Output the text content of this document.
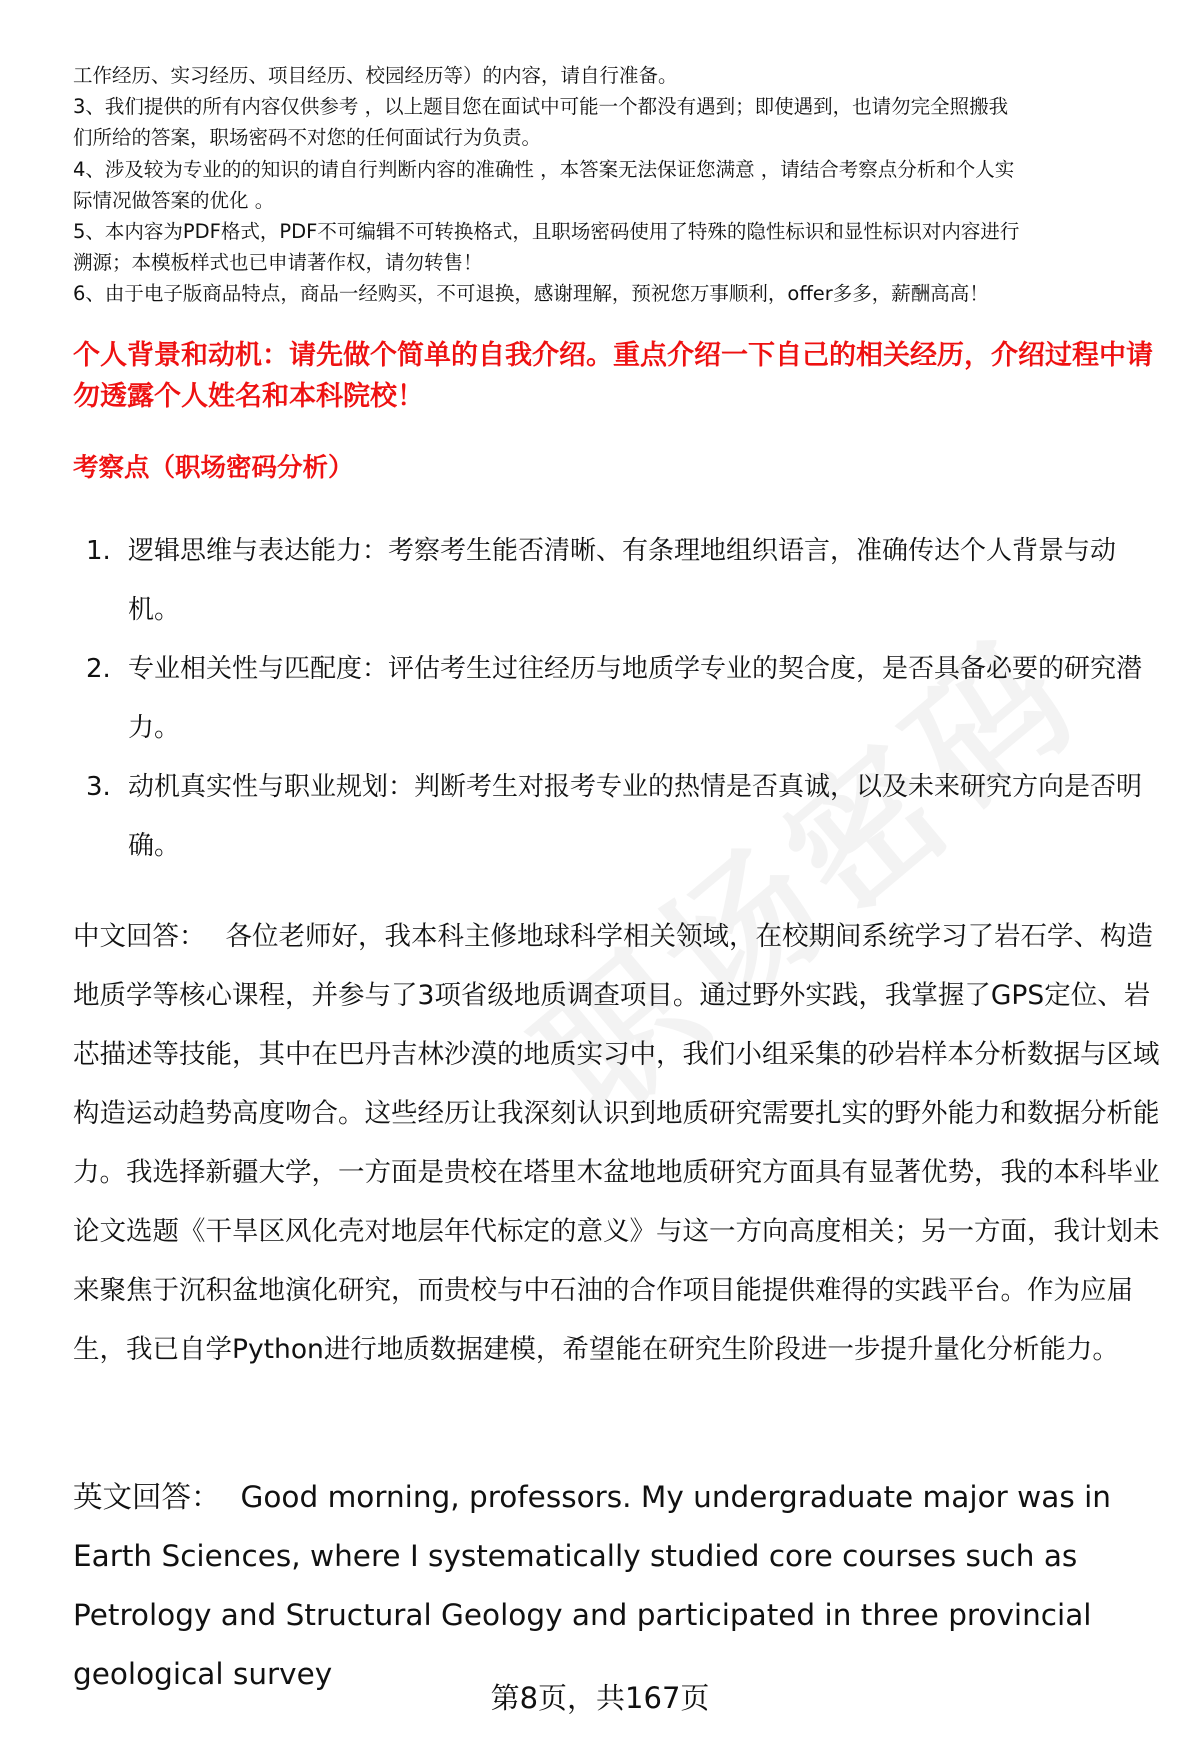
工作经历、实习经历、项目经历、校园经历等）的内容，请自行准备。

3、我们提供的所有内容仅供参考 ，以上题目您在面试中可能一个都没有遇到；即使遇到，也请勿完全照搬我

们所给的答案，职场密码不对您的任何面试行为负责。

4、涉及较为专业的的知识的请自行判断内容的准确性 ，本答案无法保证您满意 ，请结合考察点分析和个人实

际情况做答案的优化 。

5、本内容为PDF格式，PDF不可编辑不可转换格式，且职场密码使用了特殊的隐性标识和显性标识对内容进行

溯源；本模板样式也已申请著作权，请勿转售！

6、由于电子版商品特点，商品一经购买，不可退换，感谢理解，预祝您万事顺利，offer多多，薪酬高高！

个人背景和动机：请先做个简单的自我介绍。重点介绍一下自己的相关经历，介绍过程中请勿透露个人姓名和本科院校！
考察点（职场密码分析）
1. 逻辑思维与表达能力：考察考生能否清晰、有条理地组织语言，准确传达个人背景与动机。
2. 专业相关性与匹配度：评估考生过往经历与地质学专业的契合度，是否具备必要的研究潜力。
3. 动机真实性与职业规划：判断考生对报考专业的热情是否真诚，以及未来研究方向是否明确。

中文回答： 各位老师好，我本科主修地球科学相关领域，在校期间系统学习了岩石学、构造地质学等核心课程，并参与了3项省级地质调查项目。通过野外实践，我掌握了GPS定位、岩芯描述等技能，其中在巴丹吉林沙漠的地质实习中，我们小组采集的砂岩样本分析数据与区域构造运动趋势高度吻合。这些经历让我深刻认识到地质研究需要扎实的野外能力和数据分析能力。我选择新疆大学，一方面是贵校在塔里木盆地地质研究方面具有显著优势，我的本科毕业论文选题《干旱区风化壳对地层年代标定的意义》与这一方向高度相关；另一方面，我计划未来聚焦于沉积盆地演化研究，而贵校与中石油的合作项目能提供难得的实践平台。作为应届生，我已自学Python进行地质数据建模，希望能在研究生阶段进一步提升量化分析能力。

英文回答： Good morning, professors. My undergraduate major was in Earth Sciences, where I systematically studied core courses such as Petrology and Structural Geology and participated in three provincial geological survey

第8页，共167页
